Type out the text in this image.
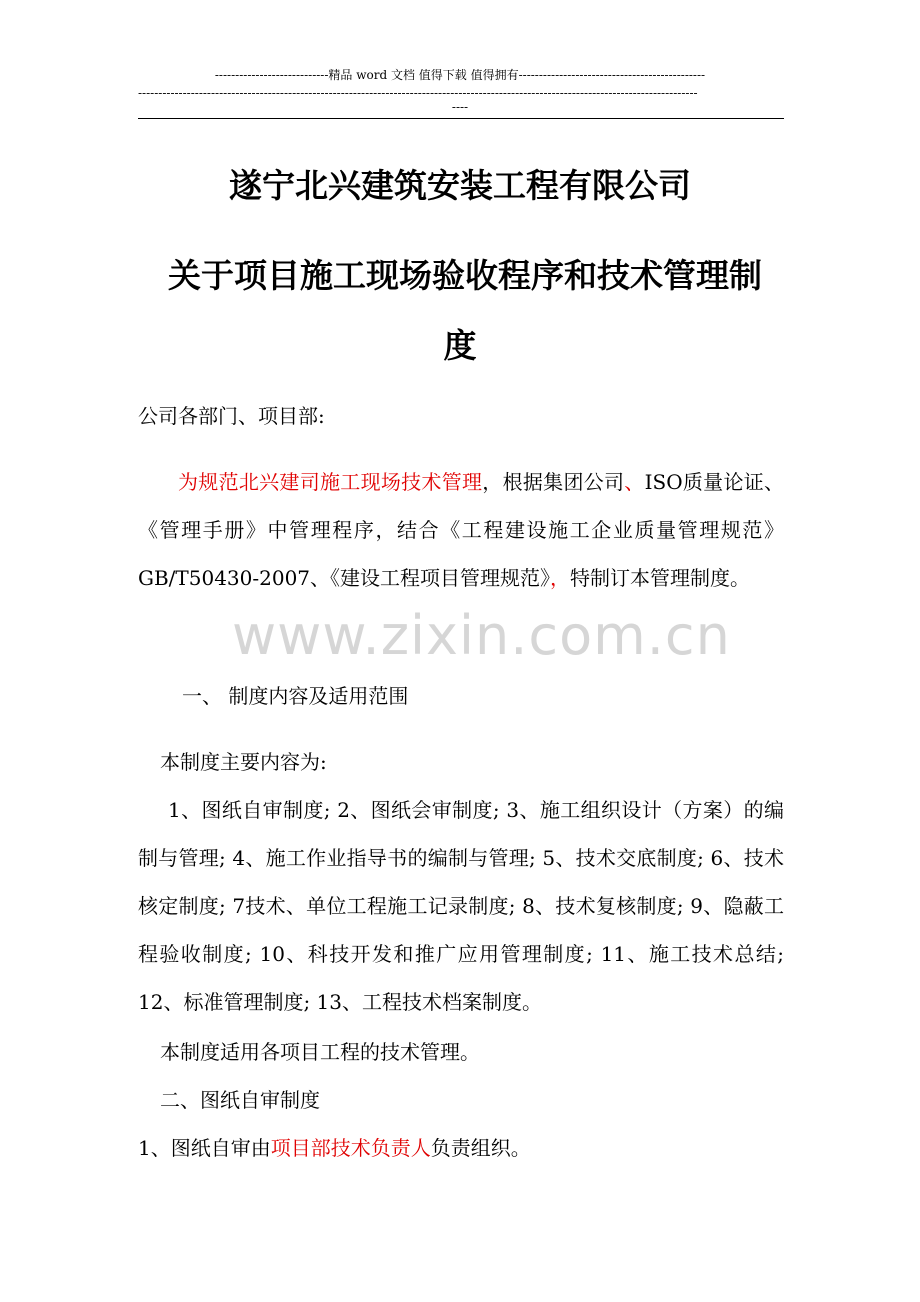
----------------------------精品 word 文档 值得下载 值得拥有----------------------------------------------
------------------------------------------------------------------------------------------------------------------------------------------
----
www.zixin.com.cn
遂宁北兴建筑安装工程有限公司
关于项目施工现场验收程序和技术管理制
度
公司各部门、项目部:
为规范北兴建司施工现场技术管理，根据集团公司、ISO质量论证、《管理手册》中管理程序，结合《工程建设施工企业质量管理规范》GB/T50430-2007、《建设工程项目管理规范》，特制订本管理制度。
一、 制度内容及适用范围
本制度主要内容为:
1、图纸自审制度; 2、图纸会审制度; 3、施工组织设计（方案）的编制与管理; 4、施工作业指导书的编制与管理; 5、技术交底制度; 6、技术核定制度; 7技术、单位工程施工记录制度; 8、技术复核制度; 9、隐蔽工程验收制度; 10、科技开发和推广应用管理制度; 11、施工技术总结; 12、标准管理制度; 13、工程技术档案制度。
本制度适用各项目工程的技术管理。
二、图纸自审制度
1、图纸自审由项目部技术负责人负责组织。
